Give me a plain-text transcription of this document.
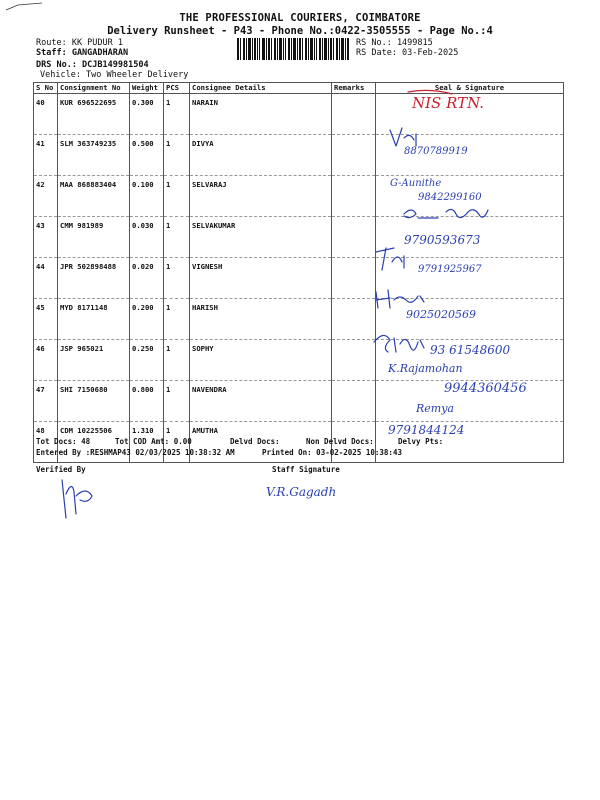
THE PROFESSIONAL COURIERS, COIMBATORE
Delivery Runsheet - P43 - Phone No.:0422-3505555 - Page No.:4
Route: KK PUDUR 1
Staff: GANGADHARAN
DRS No.: DCJB149981504
Vehicle: Two Wheeler Delivery
RS No.: 1499815
RS Date: 03-Feb-2025
S No	Consignment No	Weight	PCS	Consignee Details	Remarks	Seal & Signature
40	KUR 696522695	0.300	1	NARAIN		
41	SLM 363749235	0.500	1	DIVYA		
42	MAA 868883404	0.100	1	SELVARAJ		
43	CMM 981989	0.030	1	SELVAKUMAR		
44	JPR 502898488	0.020	1	VIGNESH		
45	MYD 8171148	0.200	1	HARISH		
46	JSP 965021	0.250	1	SOPHY		
47	SHI 7150680	0.800	1	NAVENDRA		
48	CDM 10225506	1.310	1	AMUTHA		
NIS RTN.
8870789919
G-Aunithe
9842299160
9790593673
9791925967
9025020569
93 61548600
K.Rajamohan
9944360456
Remya
9791844124
Tot Docs: 48	Tot COD Amt: 0.00	Delvd Docs:	Non Delvd Docs:	Delvy Pts:
Entered By :RESHMAP43 02/03/2025 10:38:32 AM	Printed On: 03-02-2025 10:38:43
Verified By	Staff Signature
V.R.Gagadh
